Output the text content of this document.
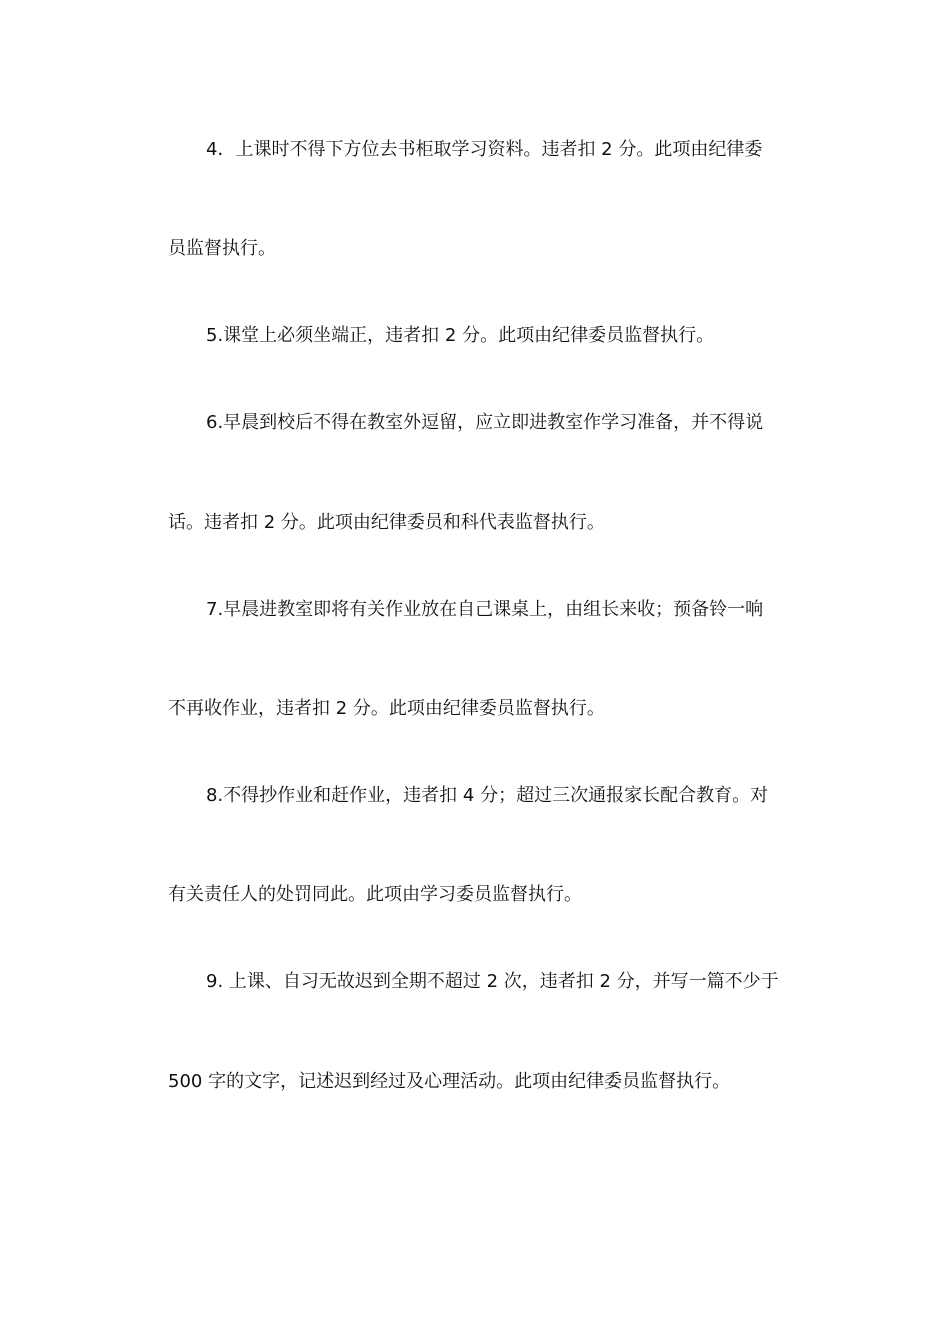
4．上课时不得下方位去书柜取学习资料。违者扣 2 分。此项由纪律委
员监督执行。
5.课堂上必须坐端正，违者扣 2 分。此项由纪律委员监督执行。
6.早晨到校后不得在教室外逗留，应立即进教室作学习准备，并不得说
话。违者扣 2 分。此项由纪律委员和科代表监督执行。
7.早晨进教室即将有关作业放在自己课桌上，由组长来收；预备铃一响
不再收作业，违者扣 2 分。此项由纪律委员监督执行。
8.不得抄作业和赶作业，违者扣 4 分；超过三次通报家长配合教育。对
有关责任人的处罚同此。此项由学习委员监督执行。
9. 上课、自习无故迟到全期不超过 2 次，违者扣 2 分，并写一篇不少于
500 字的文字，记述迟到经过及心理活动。此项由纪律委员监督执行。
